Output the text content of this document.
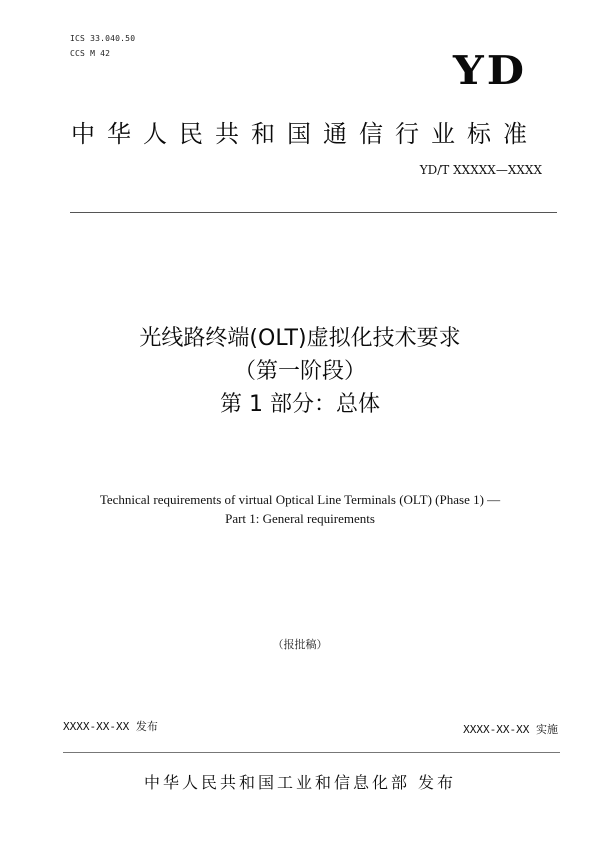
ICS 33.040.50
CCS M 42	YD
中华人民共和国通信行业标准
YD/T XXXXX—XXXX
光线路终端(OLT)虚拟化技术要求
（第一阶段）
第 1 部分：总体
Technical requirements of virtual Optical Line Terminals (OLT) (Phase 1) —
Part 1: General requirements
（报批稿）
XXXX-XX-XX 发布	XXXX-XX-XX 实施
中华人民共和国工业和信息化部 发布
